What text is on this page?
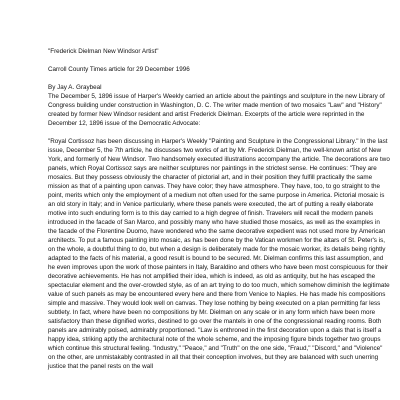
"Frederick Dielman New Windsor Artist"

Carroll County Times article for 29 December 1996

By Jay A. Graybeal

The December 5, 1896 issue of Harper's Weekly carried an article about the paintings and sculpture in the new Library of Congress building under construction in Washington, D. C. The writer made mention of two mosaics "Law" and "History" created by former New Windsor resident and artist Frederick Dielman. Excerpts of the article were reprinted in the December 12, 1896 issue of the Democratic Advocate:

"Royal Cortissoz has been discussing in Harper's Weekly "Painting and Sculpture in the Congressional Library." In the last issue, December 5, the 7th article, he discusses two works of art by Mr. Frederick Dielman, the well-known artist of New York, and formerly of New Windsor. Two handsomely executed illustrations accompany the article. The decorations are two panels, which Royal Cortissoz says are neither sculptures nor paintings in the strictest sense. He continues: "They are mosaics. But they possess obviously the character of pictorial art, and in their position they fulfill practically the same mission as that of a painting upon canvas. They have color; they have atmosphere. They have, too, to go straight to the point, merits which only the employment of a medium not often used for the same purpose in America. Pictorial mosaic is an old story in Italy; and in Venice particularly, where these panels were executed, the art of putting a really elaborate motive into such enduring form is to this day carried to a high degree of finish. Travelers will recall the modern panels introduced in the facade of San Marco, and possibly many who have studied those mosaics, as well as the examples in the facade of the Florentine Duomo, have wondered who the same decorative expedient was not used more by American architects. To put a famous painting into mosaic, as has been done by the Vatican workmen for the altars of St. Peter's is, on the whole, a doubtful thing to do, but when a design is deliberately made for the mosaic worker, its details being rightly adapted to the facts of his material, a good result is bound to be secured. Mr. Dielman confirms this last assumption, and he even improves upon the work of those painters in Italy, Baraldino and others who have been most conspicuous for their decorative achievements. He has not amplified their idea, which is indeed, as old as antiquity, but he has escaped the spectacular element and the over-crowded style, as of an art trying to do too much, which somehow diminish the legitimate value of such panels as may be encountered every here and there from Venice to Naples. He has made his compositions simple and massive. They would look well on canvas. They lose nothing by being executed on a plan permitting far less subtlety. In fact, where have been no compositions by Mr. Dielman on any scale or in any form which have been more satisfactory than these dignified works, destined to go over the mantels in one of the congressional reading rooms. Both panels are admirably poised, admirably proportioned. "Law is enthroned in the first decoration upon a dais that is itself a happy idea, striking aptly the architectural note of the whole scheme, and the imposing figure binds together two groups which continue this structural feeling. "Industry," "Peace," and "Truth" on the one side, "Fraud," "Discord," and "Violence" on the other, are unmistakably contrasted in all that their conception involves, but they are balanced with such unerring justice that the panel rests on the wall
